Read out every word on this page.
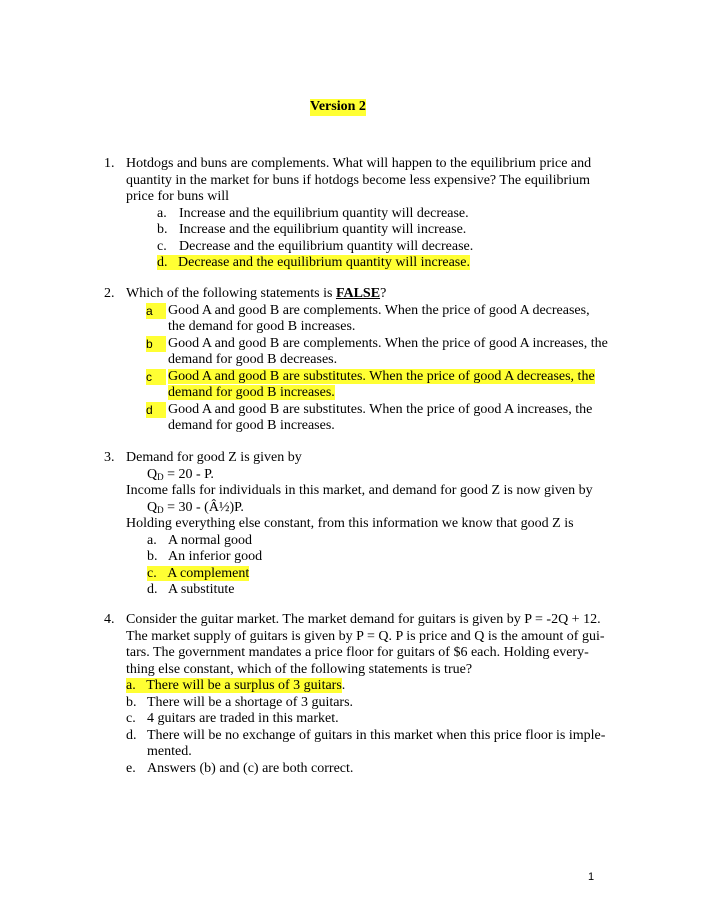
Version 2
1. Hotdogs and buns are complements. What will happen to the equilibrium price and
quantity in the market for buns if hotdogs become less expensive? The equilibrium
price for buns will
a. Increase and the equilibrium quantity will decrease.
b. Increase and the equilibrium quantity will increase.
c. Decrease and the equilibrium quantity will decrease.
d. Decrease and the equilibrium quantity will increase.
2. Which of the following statements is FALSE?
a	Good A and good B are complements. When the price of good A decreases,
the demand for good B increases.
b	Good A and good B are complements. When the price of good A increases, the
demand for good B decreases.
c	Good A and good B are substitutes. When the price of good A decreases, the
demand for good B increases.
d	Good A and good B are substitutes. When the price of good A increases, the
demand for good B increases.
3. Demand for good Z is given by
$Q_D = 20 - P$.
Income falls for individuals in this market, and demand for good Z is now given by
$Q_D = 30$ - (Â½)P.
Holding everything else constant, from this information we know that good Z is
a. A normal good
b. An inferior good
c. A complement
d. A substitute
4. Consider the guitar market. The market demand for guitars is given by P = -2Q + 12.
The market supply of guitars is given by P = Q. P is price and Q is the amount of gui-
tars. The government mandates a price floor for guitars of $6 each. Holding every-
thing else constant, which of the following statements is true?
a. There will be a surplus of 3 guitars.
b. There will be a shortage of 3 guitars.
c. 4 guitars are traded in this market.
d. There will be no exchange of guitars in this market when this price floor is imple-
mented.
e. Answers (b) and (c) are both correct.
1
